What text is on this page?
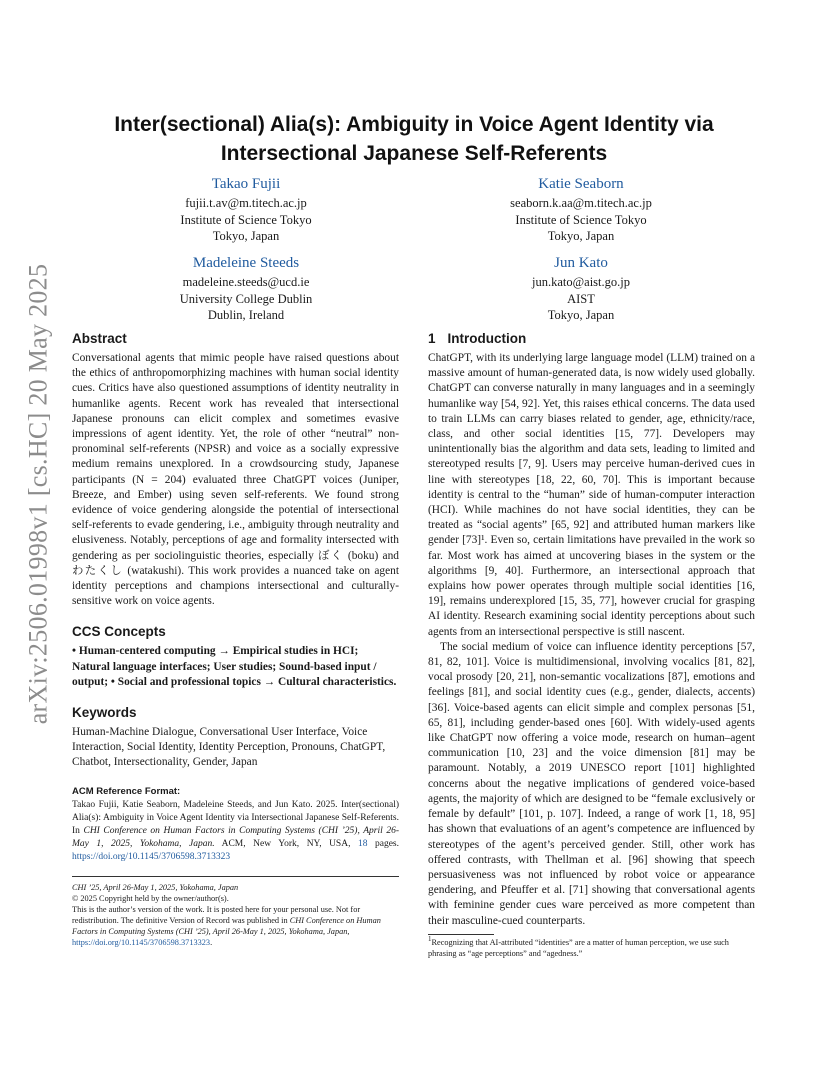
arXiv:2506.01998v1 [cs.HC] 20 May 2025
Inter(sectional) Alia(s): Ambiguity in Voice Agent Identity via Intersectional Japanese Self-Referents
Takao Fujii
fujii.t.av@m.titech.ac.jp
Institute of Science Tokyo
Tokyo, Japan
Katie Seaborn
seaborn.k.aa@m.titech.ac.jp
Institute of Science Tokyo
Tokyo, Japan
Madeleine Steeds
madeleine.steeds@ucd.ie
University College Dublin
Dublin, Ireland
Jun Kato
jun.kato@aist.go.jp
AIST
Tokyo, Japan
Abstract

Conversational agents that mimic people have raised questions about the ethics of anthropomorphizing machines with human social identity cues. Critics have also questioned assumptions of identity neutrality in humanlike agents. Recent work has revealed that intersectional Japanese pronouns can elicit complex and sometimes evasive impressions of agent identity. Yet, the role of other “neutral” non-pronominal self-referents (NPSR) and voice as a socially expressive medium remains unexplored. In a crowdsourcing study, Japanese participants (N = 204) evaluated three ChatGPT voices (Juniper, Breeze, and Ember) using seven self-referents. We found strong evidence of voice gendering alongside the potential of intersectional self-referents to evade gendering, i.e., ambiguity through neutrality and elusiveness. Notably, perceptions of age and formality intersected with gendering as per sociolinguistic theories, especially ぼく (boku) and わたくし (watakushi). This work provides a nuanced take on agent identity perceptions and champions intersectional and culturally-sensitive work on voice agents.

CCS Concepts

• Human-centered computing → Empirical studies in HCI; Natural language interfaces; User studies; Sound-based input / output; • Social and professional topics → Cultural characteristics.

Keywords

Human-Machine Dialogue, Conversational User Interface, Voice Interaction, Social Identity, Identity Perception, Pronouns, ChatGPT, Chatbot, Intersectionality, Gender, Japan

ACM Reference Format:

Takao Fujii, Katie Seaborn, Madeleine Steeds, and Jun Kato. 2025. Inter(sectional) Alia(s): Ambiguity in Voice Agent Identity via Intersectional Japanese Self-Referents. In CHI Conference on Human Factors in Computing Systems (CHI ’25), April 26-May 1, 2025, Yokohama, Japan. ACM, New York, NY, USA, 18 pages. https://doi.org/10.1145/3706598.3713323

CHI ’25, April 26-May 1, 2025, Yokohama, Japan
© 2025 Copyright held by the owner/author(s).

This is the author’s version of the work. It is posted here for your personal use. Not for redistribution. The definitive Version of Record was published in CHI Conference on Human Factors in Computing Systems (CHI ’25), April 26-May 1, 2025, Yokohama, Japan, https://doi.org/10.1145/3706598.3713323.

1 Introduction

ChatGPT, with its underlying large language model (LLM) trained on a massive amount of human-generated data, is now widely used globally. ChatGPT can converse naturally in many languages and in a seemingly humanlike way [54, 92]. Yet, this raises ethical concerns. The data used to train LLMs can carry biases related to gender, age, ethnicity/race, class, and other social identities [15, 77]. Developers may unintentionally bias the algorithm and data sets, leading to limited and stereotyped results [7, 9]. Users may perceive human-derived cues in line with stereotypes [18, 22, 60, 70]. This is important because identity is central to the “human” side of human-computer interaction (HCI). While machines do not have social identities, they can be treated as “social agents” [65, 92] and attributed human markers like gender [73]¹. Even so, certain limitations have prevailed in the work so far. Most work has aimed at uncovering biases in the system or the algorithms [9, 40]. Furthermore, an intersectional approach that explains how power operates through multiple social identities [16, 19], remains underexplored [15, 35, 77], however crucial for grasping AI identity. Research examining social identity perceptions about such agents from an intersectional perspective is still nascent.

The social medium of voice can influence identity perceptions [57, 81, 82, 101]. Voice is multidimensional, involving vocalics [81, 82], vocal prosody [20, 21], non-semantic vocalizations [87], emotions and feelings [81], and social identity cues (e.g., gender, dialects, accents) [36]. Voice-based agents can elicit simple and complex personas [51, 65, 81], including gender-based ones [60]. With widely-used agents like ChatGPT now offering a voice mode, research on human–agent communication [10, 23] and the voice dimension [81] may be paramount. Notably, a 2019 UNESCO report [101] highlighted concerns about the negative implications of gendered voice-based agents, the majority of which are designed to be “female exclusively or female by default” [101, p. 107]. Indeed, a range of work [1, 18, 95] has shown that evaluations of an agent’s competence are influenced by stereotypes of the agent’s perceived gender. Still, other work has offered contrasts, with Thellman et al. [96] showing that speech persuasiveness was not influenced by robot voice or appearance gendering, and Pfeuffer et al. [71] showing that conversational agents with feminine gender cues ware perceived as more competent than their masculine-cued counterparts.

$^1$Recognizing that AI-attributed “identities” are a matter of human perception, we use such phrasing as “age perceptions” and “agedness.”
